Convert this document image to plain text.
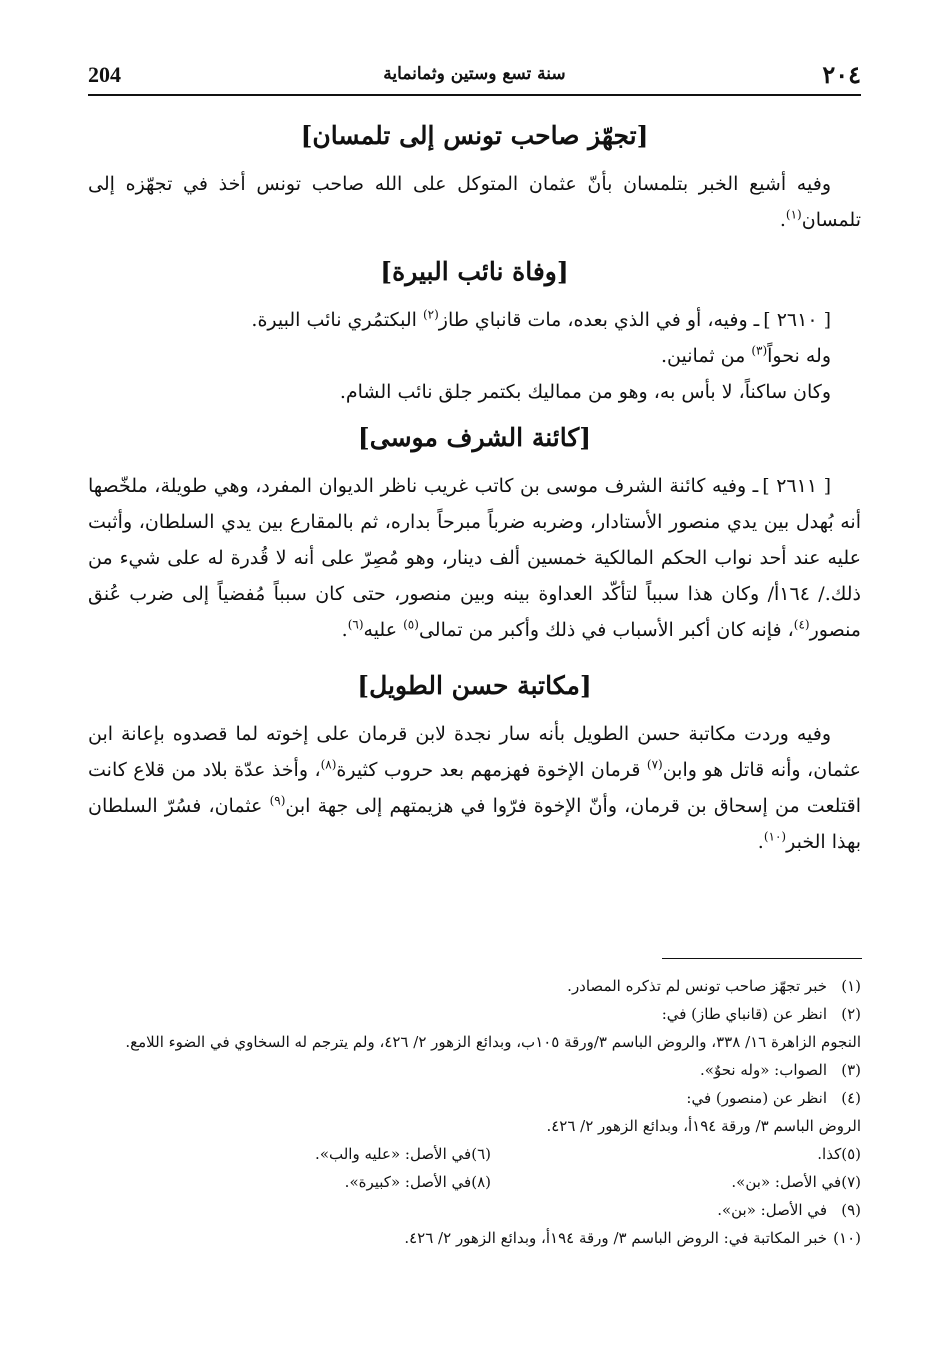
204	سنة تسع وستين وثمانماية	٢٠٤
[تجهّز صاحب تونس إلى تلمسان]

وفيه أشيع الخبر بتلمسان بأنّ عثمان المتوكل على الله صاحب تونس أخذ في تجهّزه إلى تلمسان$^{(١)}$.

[وفاة نائب البيرة]

[ ٢٦١٠ ]ـ وفيه، أو في الذي بعده، مات قانباي طاز$^{(٢)}$ البكتمُري نائب البيرة.

وله نحواً$^{(٣)}$ من ثمانين.

وكان ساكناً، لا بأس به، وهو من مماليك بكتمر جلق نائب الشام.

[كائنة الشرف موسى]

[ ٢٦١١ ]ـ وفيه كائنة الشرف موسى بن كاتب غريب ناظر الديوان المفرد، وهي طويلة، ملخّصها أنه بُهدل بين يدي منصور الأستادار، وضربه ضرباً مبرحاً بداره، ثم بالمقارع بين يدي السلطان، وأثبت عليه عند أحد نواب الحكم المالكية خمسين ألف دينار، وهو مُصِرّ على أنه لا قُدرة له على شيء من ذلك./ ١٦٤أ/ وكان هذا سبباً لتأكّد العداوة بينه وبين منصور، حتى كان سبباً مُفضياً إلى ضرب عُنق منصور$^{(٤)}$، فإنه كان أكبر الأسباب في ذلك وأكبر من تمالى$^{(٥)}$ عليه$^{(٦)}$.

[مكاتبة حسن الطويل]

وفيه وردت مكاتبة حسن الطويل بأنه سار نجدة لابن قرمان على إخوته لما قصدوه بإعانة ابن عثمان، وأنه قاتل هو وابن$^{(٧)}$ قرمان الإخوة فهزمهم بعد حروب كثيرة$^{(٨)}$، وأخذ عدّة بلاد من قلاع كانت اقتلعت من إسحاق بن قرمان، وأنّ الإخوة فرّوا في هزيمتهم إلى جهة ابن$^{(٩)}$ عثمان، فسُرّ السلطان بهذا الخبر$^{(١٠)}$.

(١)خبر تجهّز صاحب تونس لم تذكره المصادر.

(٢)انظر عن (قانباي طاز) في:

النجوم الزاهرة ١٦/ ٣٣٨، والروض الباسم ٣/ورقة ١٠٥ب، وبدائع الزهور ٢/ ٤٢٦، ولم يترجم له السخاوي في الضوء اللامع.

(٣)الصواب: «وله نحوٌ».

(٤)انظر عن (منصور) في:

الروض الباسم ٣/ ورقة ١٩٤أ، وبدائع الزهور ٢/ ٤٢٦.

(٥)كذا.
(٦)في الأصل: «عليه والب».
(٧)في الأصل: «بن».
(٨)في الأصل: «كبيرة».

(٩)في الأصل: «بن».

(١٠)خبر المكاتبة في: الروض الباسم ٣/ ورقة ١٩٤أ، وبدائع الزهور ٢/ ٤٢٦.
